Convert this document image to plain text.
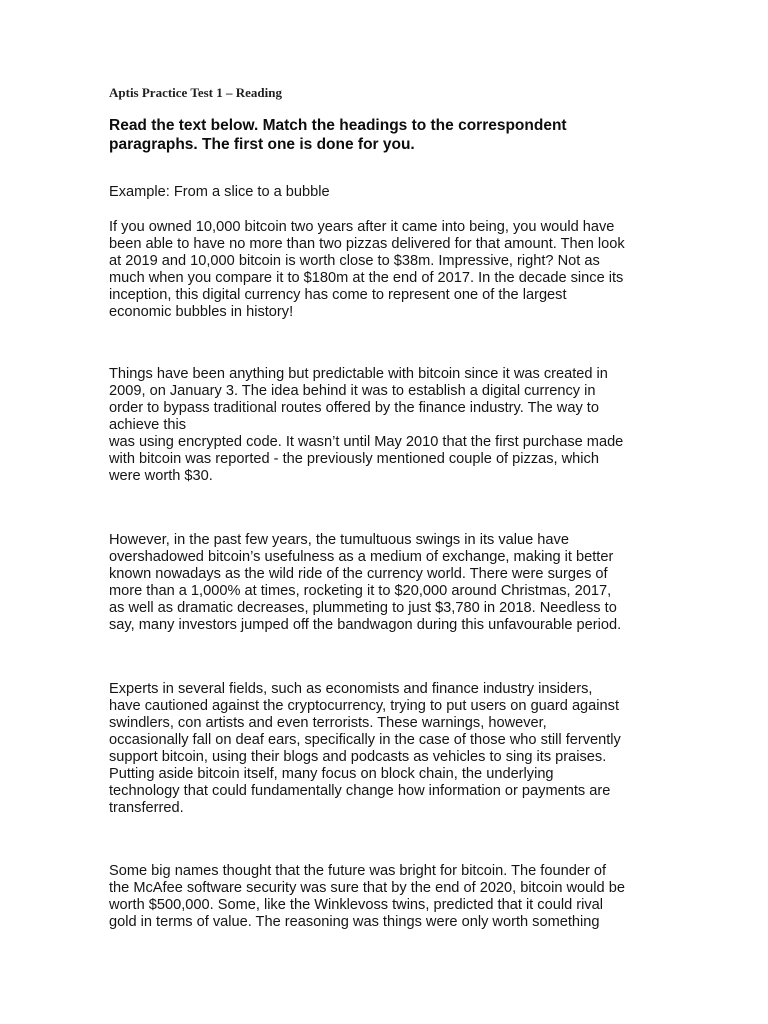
Aptis Practice Test 1 – Reading
Read the text below. Match the headings to the correspondent
paragraphs. The first one is done for you.
Example: From a slice to a bubble
If you owned 10,000 bitcoin two years after it came into being, you would have
been able to have no more than two pizzas delivered for that amount. Then look
at 2019 and 10,000 bitcoin is worth close to $38m. Impressive, right? Not as
much when you compare it to $180m at the end of 2017. In the decade since its
inception, this digital currency has come to represent one of the largest
economic bubbles in history!
Things have been anything but predictable with bitcoin since it was created in
2009, on January 3. The idea behind it was to establish a digital currency in
order to bypass traditional routes offered by the finance industry. The way to
achieve this
was using encrypted code. It wasn’t until May 2010 that the first purchase made
with bitcoin was reported - the previously mentioned couple of pizzas, which
were worth $30.
However, in the past few years, the tumultuous swings in its value have
overshadowed bitcoin’s usefulness as a medium of exchange, making it better
known nowadays as the wild ride of the currency world. There were surges of
more than a 1,000% at times, rocketing it to $20,000 around Christmas, 2017,
as well as dramatic decreases, plummeting to just $3,780 in 2018. Needless to
say, many investors jumped off the bandwagon during this unfavourable period.
Experts in several fields, such as economists and finance industry insiders,
have cautioned against the cryptocurrency, trying to put users on guard against
swindlers, con artists and even terrorists. These warnings, however,
occasionally fall on deaf ears, specifically in the case of those who still fervently
support bitcoin, using their blogs and podcasts as vehicles to sing its praises.
Putting aside bitcoin itself, many focus on block chain, the underlying
technology that could fundamentally change how information or payments are
transferred.
Some big names thought that the future was bright for bitcoin. The founder of
the McAfee software security was sure that by the end of 2020, bitcoin would be
worth $500,000. Some, like the Winklevoss twins, predicted that it could rival
gold in terms of value. The reasoning was things were only worth something
